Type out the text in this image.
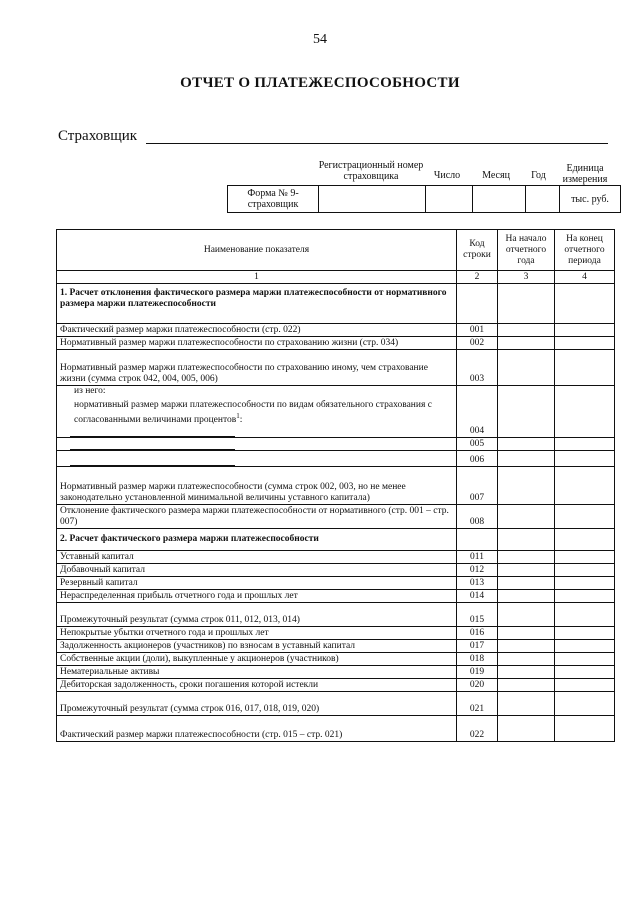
54
ОТЧЕТ О ПЛАТЕЖЕСПОСОБНОСТИ
Страховщик
Регистрационный номер страховщика	Число	Месяц	Год
Единица измерения
Форма № 9-страховщик					тыс. руб.
Наименование показателя	Код строки	На начало отчетного года	На конец отчетного периода
1	2	3	4
1. Расчет отклонения фактического размера маржи платежеспособности от нормативного размера маржи платежеспособности			
Фактический размер маржи платежеспособности (стр. 022)	001		
Нормативный размер маржи платежеспособности по страхованию жизни (стр. 034)	002		
Нормативный размер маржи платежеспособности по страхованию иному, чем страхование жизни (сумма строк 042, 004, 005, 006)	003		

из него:
нормативный размер маржи платежеспособности по видам обязательного страхования с согласованными величинами процентов$^1$:	004		

	005		

	006		
Нормативный размер маржи платежеспособности (сумма строк 002, 003, но не менее законодательно установленной минимальной величины уставного капитала)	007		
Отклонение фактического размера маржи платежеспособности от нормативного (стр. 001 – стр. 007)	008		
2. Расчет фактического размера маржи платежеспособности			
Уставный капитал	011		
Добавочный капитал	012		
Резервный капитал	013		
Нераспределенная прибыль отчетного года и прошлых лет	014		
Промежуточный результат (сумма строк 011, 012, 013, 014)	015		
Непокрытые убытки отчетного года и прошлых лет	016		
Задолженность акционеров (участников) по взносам в уставный капитал	017		
Собственные акции (доли), выкупленные у акционеров (участников)	018		
Нематериальные активы	019		
Дебиторская задолженность, сроки погашения которой истекли	020		
Промежуточный результат (сумма строк 016, 017, 018, 019, 020)	021		
Фактический размер маржи платежеспособности (стр. 015 – стр. 021)	022		
